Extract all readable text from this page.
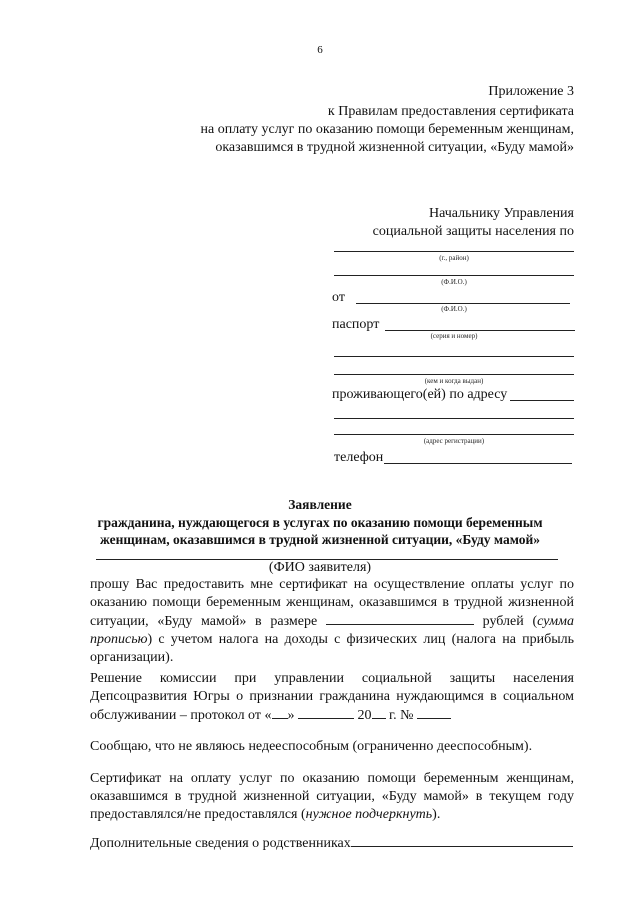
6
Приложение 3
к Правилам предоставления сертификата
на оплату услуг по оказанию помощи беременным женщинам,
оказавшимся в трудной жизненной ситуации, «Буду мамой»
Начальнику Управления
социальной защиты населения по
(г., район)
(Ф.И.О.)
от
(Ф.И.О.)
паспорт
(серия и номер)
(кем и когда выдан)
проживающего(ей) по адресу
(адрес регистрации)
телефон
Заявление
гражданина, нуждающегося в услугах по оказанию помощи беременным
женщинам, оказавшимся в трудной жизненной ситуации, «Буду мамой»
(ФИО заявителя)
прошу Вас предоставить мне сертификат на осуществление оплаты услуг по оказанию помощи беременным женщинам, оказавшимся в трудной жизненной ситуации, «Буду мамой» в размере	рублей (сумма прописью) с учетом налога на доходы с физических лиц (налога на прибыль организации).
Решение комиссии при управлении социальной защиты населения Депсоцразвития Югры о признании гражданина нуждающимся в социальном обслуживании – протокол от « »	20 г. №
Сообщаю, что не являюсь недееспособным (ограниченно дееспособным).
Сертификат на оплату услуг по оказанию помощи беременным женщинам, оказавшимся в трудной жизненной ситуации, «Буду мамой» в текущем году предоставлялся/не предоставлялся (нужное подчеркнуть).
Дополнительные сведения о родственниках
